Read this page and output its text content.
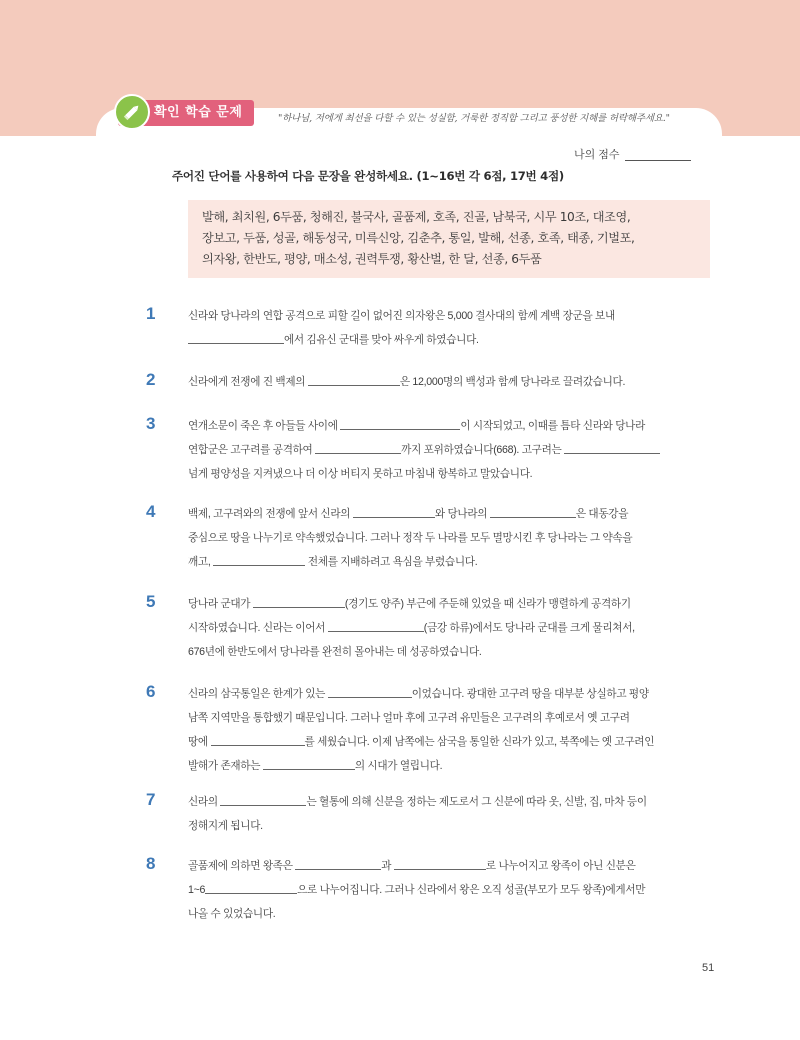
확인 학습 문제	"하나님, 저에게 최선을 다할 수 있는 성실함, 거룩한 정직함 그리고 풍성한 지혜를 허락해주세요."
나의 점수
주어진 단어를 사용하여 다음 문장을 완성하세요. (1~16번 각 6점, 17번 4점)
발해, 최치원, 6두품, 청해진, 불국사, 골품제, 호족, 진골, 남북국, 시무 10조, 대조영,
장보고, 두품, 성골, 해동성국, 미륵신앙, 김춘추, 통일, 발해, 선종, 호족, 태종, 기벌포,
의자왕, 한반도, 평양, 매소성, 권력투쟁, 황산벌, 한 달, 선종, 6두품
1	신라와 당나라의 연합 공격으로 피할 길이 없어진 의자왕은 5,000 결사대의 함께 계백 장군을 보내
에서 김유신 군대를 맞아 싸우게 하였습니다.
2	신라에게 전쟁에 진 백제의	은 12,000명의 백성과 함께 당나라로 끌려갔습니다.
3	연개소문이 죽은 후 아들들 사이에	이 시작되었고, 이때를 틈타 신라와 당나라
연합군은 고구려를 공격하여	까지 포위하였습니다(668). 고구려는
넘게 평양성을 지켜냈으나 더 이상 버티지 못하고 마침내 항복하고 말았습니다.
4	백제, 고구려와의 전쟁에 앞서 신라의	와 당나라의	은 대동강을
중심으로 땅을 나누기로 약속했었습니다. 그러나 정작 두 나라를 모두 멸망시킨 후 당나라는 그 약속을
깨고,	전체를 지배하려고 욕심을 부렸습니다.
5	당나라 군대가	(경기도 양주) 부근에 주둔해 있었을 때 신라가 맹렬하게 공격하기
시작하였습니다. 신라는 이어서	(금강 하류)에서도 당나라 군대를 크게 물리쳐서,
676년에 한반도에서 당나라를 완전히 몰아내는 데 성공하였습니다.
6	신라의 삼국통일은 한계가 있는	이었습니다. 광대한 고구려 땅을 대부분 상실하고 평양
남쪽 지역만을 통합했기 때문입니다. 그러나 얼마 후에 고구려 유민들은 고구려의 후예로서 옛 고구려
땅에	를 세웠습니다. 이제 남쪽에는 삼국을 통일한 신라가 있고, 북쪽에는 옛 고구려인
발해가 존재하는	의 시대가 열립니다.
7	신라의	는 혈통에 의해 신분을 정하는 제도로서 그 신분에 따라 옷, 신발, 집, 마차 등이
정해지게 됩니다.
8	골품제에 의하면 왕족은	과	로 나누어지고 왕족이 아닌 신분은
1~6	으로 나누어집니다. 그러나 신라에서 왕은 오직 성골(부모가 모두 왕족)에게서만
나올 수 있었습니다.
51
